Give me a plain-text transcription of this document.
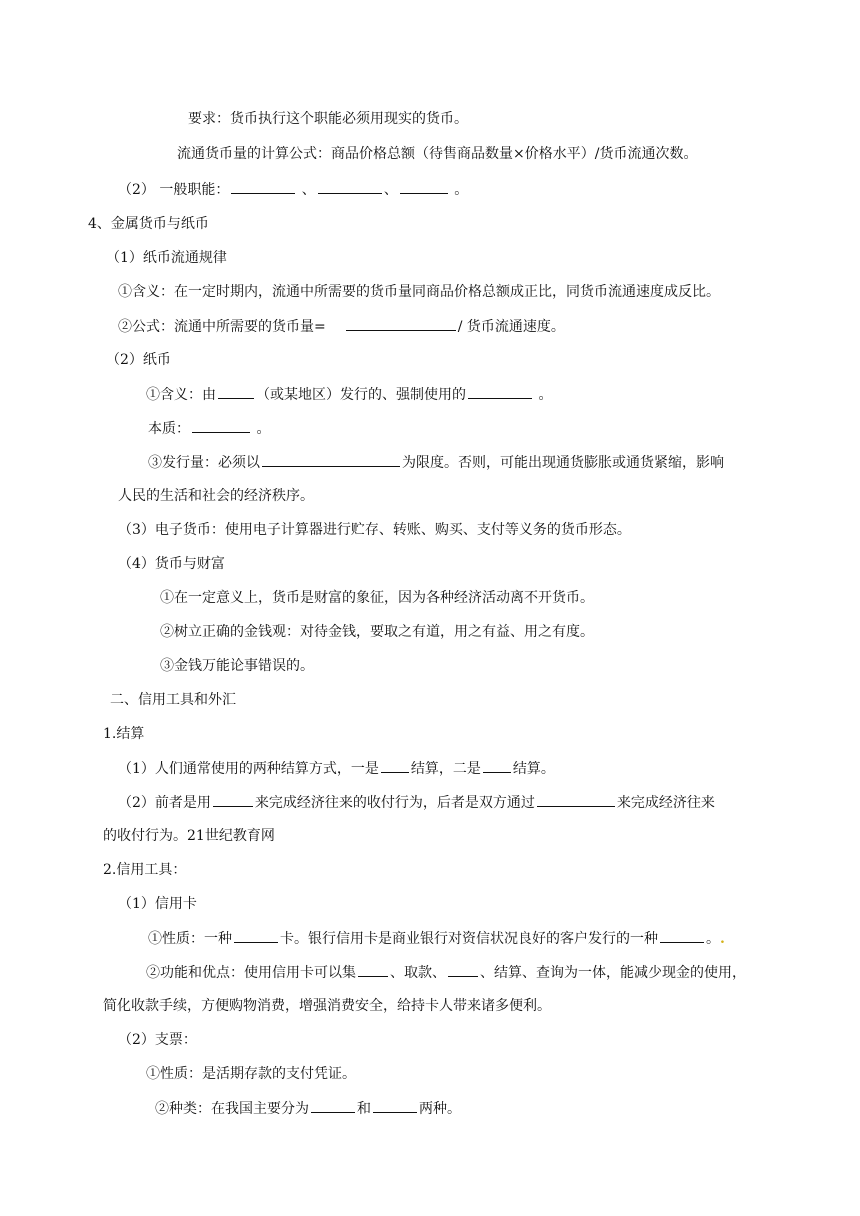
要求：货币执行这个职能必须用现实的货币。
流通货币量的计算公式：商品价格总额（待售商品数量×价格水平）/货币流通次数。
（2） 一般职能：	、	、	。
4、金属货币与纸币
（1）纸币流通规律
①含义：在一定时期内，流通中所需要的货币量同商品价格总额成正比，同货币流通速度成反比。
②公式：流通中所需要的货币量=	/ 货币流通速度。
（2）纸币
①含义：由	（或某地区）发行的、强制使用的	。
本质：	。
③发行量：必须以	为限度。否则，可能出现通货膨胀或通货紧缩，影响
人民的生活和社会的经济秩序。
（3）电子货币：使用电子计算器进行贮存、转账、购买、支付等义务的货币形态。
（4）货币与财富
①在一定意义上，货币是财富的象征，因为各种经济活动离不开货币。
②树立正确的金钱观：对待金钱，要取之有道，用之有益、用之有度。
③金钱万能论事错误的。
二、信用工具和外汇
1.结算
（1）人们通常使用的两种结算方式，一是 结算，二是 结算。
（2）前者是用	来完成经济往来的收付行为，后者是双方通过	来完成经济往来
的收付行为。21世纪教育网
2.信用工具：
（1）信用卡
①性质：一种	卡。银行信用卡是商业银行对资信状况良好的客户发行的一种	。.
②功能和优点：使用信用卡可以集 、取款、 、结算、查询为一体，能减少现金的使用，
简化收款手续，方便购物消费，增强消费安全，给持卡人带来诸多便利。
（2）支票：
①性质：是活期存款的支付凭证。
②种类：在我国主要分为	和	两种。
